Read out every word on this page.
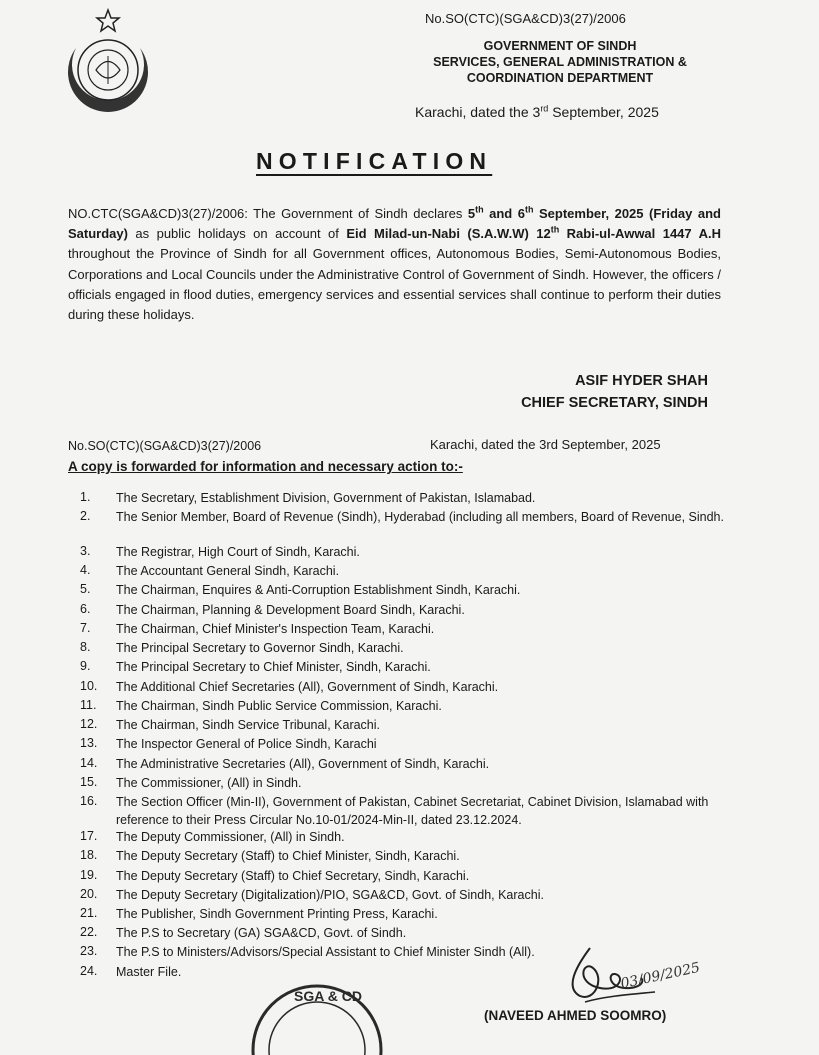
No.SO(CTC)(SGA&CD)3(27)/2006
GOVERNMENT OF SINDH
SERVICES, GENERAL ADMINISTRATION &
COORDINATION DEPARTMENT
Karachi, dated the 3rd September, 2025
NOTIFICATION
NO.CTC(SGA&CD)3(27)/2006: The Government of Sindh declares 5th and 6th September, 2025 (Friday and Saturday) as public holidays on account of Eid Milad-un-Nabi (S.A.W.W) 12th Rabi-ul-Awwal 1447 A.H throughout the Province of Sindh for all Government offices, Autonomous Bodies, Semi-Autonomous Bodies, Corporations and Local Councils under the Administrative Control of Government of Sindh. However, the officers / officials engaged in flood duties, emergency services and essential services shall continue to perform their duties during these holidays.
ASIF HYDER SHAH
CHIEF SECRETARY, SINDH
No.SO(CTC)(SGA&CD)3(27)/2006	Karachi, dated the 3rd September, 2025
A copy is forwarded for information and necessary action to:-
1.	The Secretary, Establishment Division, Government of Pakistan, Islamabad.
2.	The Senior Member, Board of Revenue (Sindh), Hyderabad (including all members, Board of Revenue, Sindh.
3.	The Registrar, High Court of Sindh, Karachi.
4.	The Accountant General Sindh, Karachi.
5.	The Chairman, Enquires & Anti-Corruption Establishment Sindh, Karachi.
6.	The Chairman, Planning & Development Board Sindh, Karachi.
7.	The Chairman, Chief Minister's Inspection Team, Karachi.
8.	The Principal Secretary to Governor Sindh, Karachi.
9.	The Principal Secretary to Chief Minister, Sindh, Karachi.
10.	The Additional Chief Secretaries (All), Government of Sindh, Karachi.
11.	The Chairman, Sindh Public Service Commission, Karachi.
12.	The Chairman, Sindh Service Tribunal, Karachi.
13.	The Inspector General of Police Sindh, Karachi
14.	The Administrative Secretaries (All), Government of Sindh, Karachi.
15.	The Commissioner, (All) in Sindh.
16.	The Section Officer (Min-II), Government of Pakistan, Cabinet Secretariat, Cabinet Division, Islamabad with reference to their Press Circular No.10-01/2024-Min-II, dated 23.12.2024.
17.	The Deputy Commissioner, (All) in Sindh.
18.	The Deputy Secretary (Staff) to Chief Minister, Sindh, Karachi.
19.	The Deputy Secretary (Staff) to Chief Secretary, Sindh, Karachi.
20.	The Deputy Secretary (Digitalization)/PIO, SGA&CD, Govt. of Sindh, Karachi.
21.	The Publisher, Sindh Government Printing Press, Karachi.
22.	The P.S to Secretary (GA) SGA&CD, Govt. of Sindh.
23.	The P.S to Ministers/Advisors/Special Assistant to Chief Minister Sindh (All).
24.	Master File.
SGA & CD
03/09/2025
(NAVEED AHMED SOOMRO)
